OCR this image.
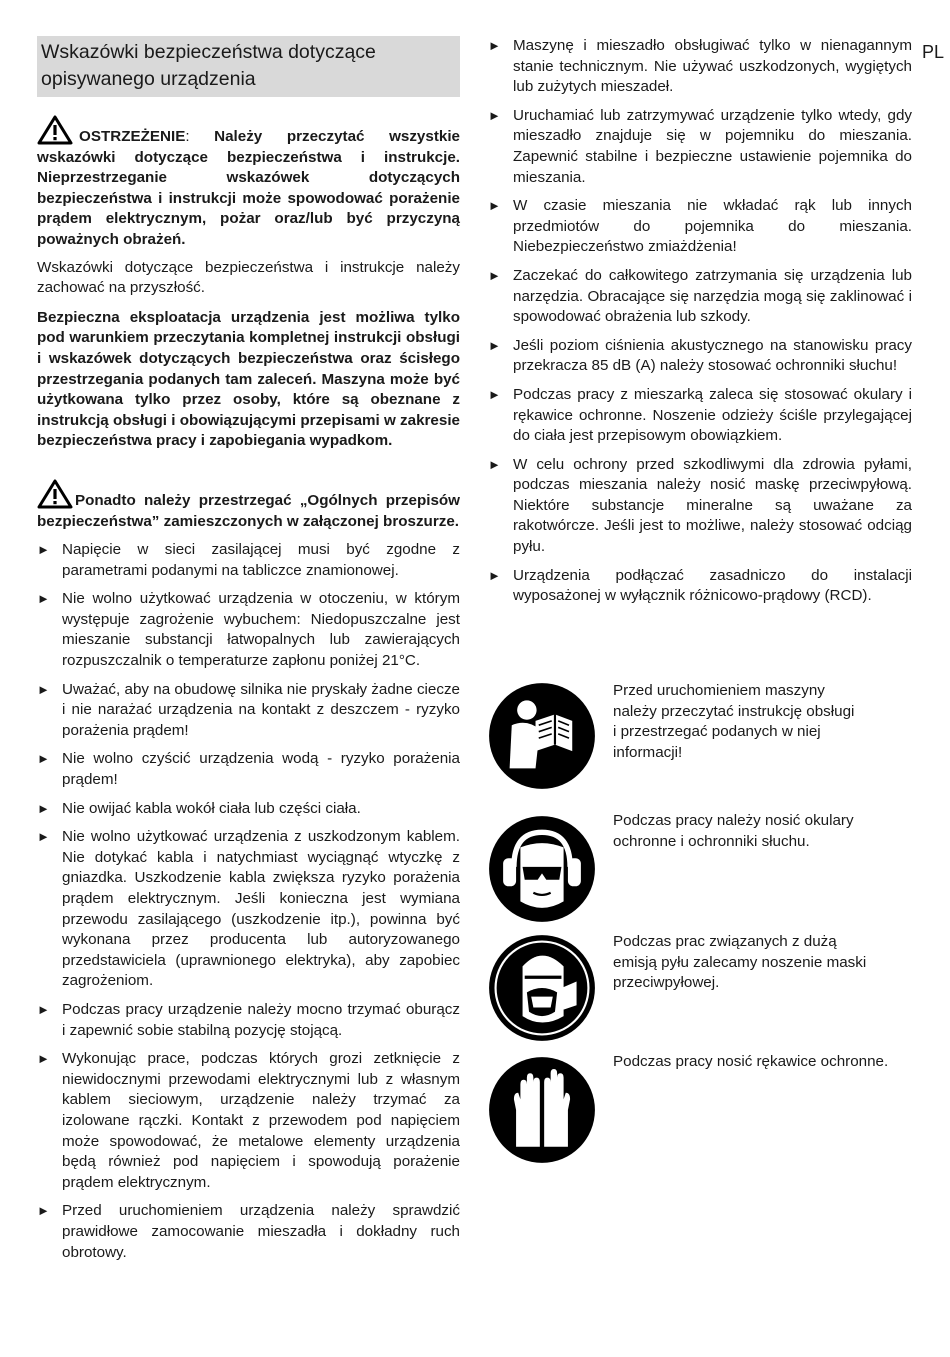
PL
Wskazówki bezpieczeństwa dotyczące opisywanego urządzenia

OSTRZEŻENIE: Należy przeczytać wszystkie wskazówki dotyczące bezpieczeństwa i instrukcje. Nieprzestrzeganie wskazówek dotyczących bezpieczeństwa i instrukcji może spowodować porażenie prądem elektrycznym, pożar oraz/lub być przyczyną poważnych obrażeń.

Wskazówki dotyczące bezpieczeństwa i instrukcje należy zachować na przyszłość.

Bezpieczna eksploatacja urządzenia jest możliwa tylko pod warunkiem przeczytania kompletnej instrukcji obsługi i wskazówek dotyczących bezpieczeństwa oraz ścisłego przestrzegania podanych tam zaleceń. Maszyna może być użytkowana tylko przez osoby, które są obeznane z instrukcją obsługi i obowiązującymi przepisami w zakresie bezpieczeństwa pracy i zapobiegania wypadkom.

Ponadto należy przestrzegać „Ogólnych przepisów bezpieczeństwa” zamieszczonych w załączonej broszurze.

► Napięcie w sieci zasilającej musi być zgodne z parametrami podanymi na tabliczce znamionowej.
► Nie wolno użytkować urządzenia w otoczeniu, w którym występuje zagrożenie wybuchem: Niedopuszczalne jest mieszanie substancji łatwopalnych lub zawierających rozpuszczalnik o temperaturze zapłonu poniżej 21°C.
► Uważać, aby na obudowę silnika nie pryskały żadne ciecze i nie narażać urządzenia na kontakt z deszczem - ryzyko porażenia prądem!
► Nie wolno czyścić urządzenia wodą - ryzyko porażenia prądem!
► Nie owijać kabla wokół ciała lub części ciała.
► Nie wolno użytkować urządzenia z uszkodzonym kablem. Nie dotykać kabla i natychmiast wyciągnąć wtyczkę z gniazdka. Uszkodzenie kabla zwiększa ryzyko porażenia prądem elektrycznym. Jeśli konieczna jest wymiana przewodu zasilającego (uszkodzenie itp.), powinna być wykonana przez producenta lub autoryzowanego przedstawiciela (uprawnionego elektryka), aby zapobiec zagrożeniom.
► Podczas pracy urządzenie należy mocno trzymać oburącz i zapewnić sobie stabilną pozycję stojącą.
► Wykonując prace, podczas których grozi zetknięcie z niewidocznymi przewodami elektrycznymi lub z własnym kablem sieciowym, urządzenie należy trzymać za izolowane rączki. Kontakt z przewodem pod napięciem może spowodować, że metalowe elementy urządzenia będą również pod napięciem i spowodują porażenie prądem elektrycznym.
► Przed uruchomieniem urządzenia należy sprawdzić prawidłowe zamocowanie mieszadła i dokładny ruch obrotowy.
► Maszynę i mieszadło obsługiwać tylko w nienagannym stanie technicznym. Nie używać uszkodzonych, wygiętych lub zużytych mieszadeł.
► Uruchamiać lub zatrzymywać urządzenie tylko wtedy, gdy mieszadło znajduje się w pojemniku do mieszania. Zapewnić stabilne i bezpieczne ustawienie pojemnika do mieszania.
► W czasie mieszania nie wkładać rąk lub innych przedmiotów do pojemnika do mieszania. Niebezpieczeństwo zmiażdżenia!
► Zaczekać do całkowitego zatrzymania się urządzenia lub narzędzia. Obracające się narzędzia mogą się zaklinować i spowodować obrażenia lub szkody.
► Jeśli poziom ciśnienia akustycznego na stanowisku pracy przekracza 85 dB (A) należy stosować ochronniki słuchu!
► Podczas pracy z mieszarką zaleca się stosować okulary i rękawice ochronne. Noszenie odzieży ściśle przylegającej do ciała jest przepisowym obowiązkiem.
► W celu ochrony przed szkodliwymi dla zdrowia pyłami, podczas mieszania należy nosić maskę przeciwpyłową. Niektóre substancje mineralne są uważane za rakotwórcze. Jeśli jest to możliwe, należy stosować odciąg pyłu.
► Urządzenia podłączać zasadniczo do instalacji wyposażonej w wyłącznik różnicowo-prądowy (RCD).
Przed uruchomieniem maszyny
należy przeczytać instrukcję obsługi
i przestrzegać podanych w niej
informacji!
Podczas pracy należy nosić okulary
ochronne i ochronniki słuchu.
Podczas prac związanych z dużą
emisją pyłu zalecamy noszenie maski
przeciwpyłowej.
Podczas pracy nosić rękawice ochronne.
